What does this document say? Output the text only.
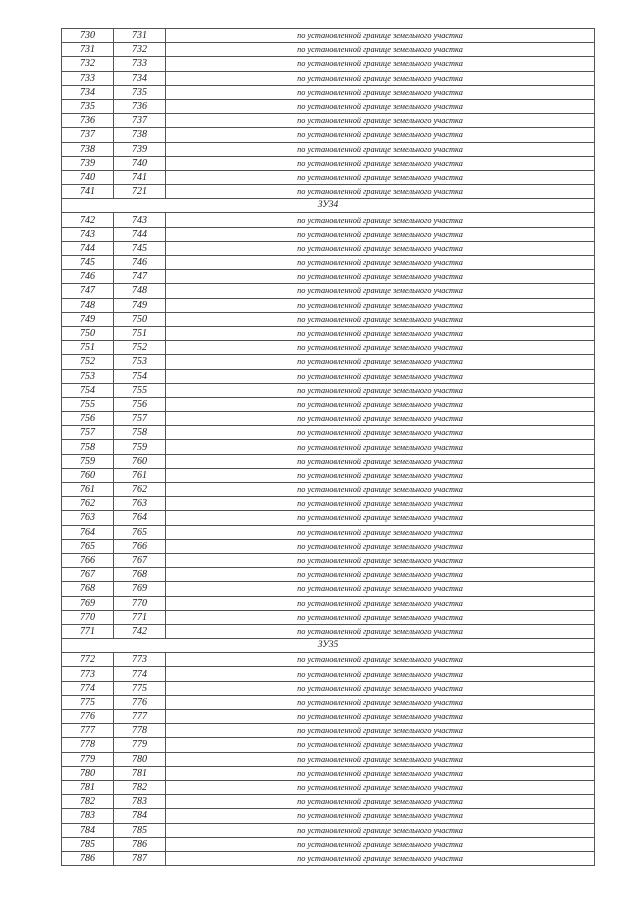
730	731	по установленной границе земельного участка
731	732	по установленной границе земельного участка
732	733	по установленной границе земельного участка
733	734	по установленной границе земельного участка
734	735	по установленной границе земельного участка
735	736	по установленной границе земельного участка
736	737	по установленной границе земельного участка
737	738	по установленной границе земельного участка
738	739	по установленной границе земельного участка
739	740	по установленной границе земельного участка
740	741	по установленной границе земельного участка
741	721	по установленной границе земельного участка
ЗУ34		
742	743	по установленной границе земельного участка
743	744	по установленной границе земельного участка
744	745	по установленной границе земельного участка
745	746	по установленной границе земельного участка
746	747	по установленной границе земельного участка
747	748	по установленной границе земельного участка
748	749	по установленной границе земельного участка
749	750	по установленной границе земельного участка
750	751	по установленной границе земельного участка
751	752	по установленной границе земельного участка
752	753	по установленной границе земельного участка
753	754	по установленной границе земельного участка
754	755	по установленной границе земельного участка
755	756	по установленной границе земельного участка
756	757	по установленной границе земельного участка
757	758	по установленной границе земельного участка
758	759	по установленной границе земельного участка
759	760	по установленной границе земельного участка
760	761	по установленной границе земельного участка
761	762	по установленной границе земельного участка
762	763	по установленной границе земельного участка
763	764	по установленной границе земельного участка
764	765	по установленной границе земельного участка
765	766	по установленной границе земельного участка
766	767	по установленной границе земельного участка
767	768	по установленной границе земельного участка
768	769	по установленной границе земельного участка
769	770	по установленной границе земельного участка
770	771	по установленной границе земельного участка
771	742	по установленной границе земельного участка
ЗУ35		
772	773	по установленной границе земельного участка
773	774	по установленной границе земельного участка
774	775	по установленной границе земельного участка
775	776	по установленной границе земельного участка
776	777	по установленной границе земельного участка
777	778	по установленной границе земельного участка
778	779	по установленной границе земельного участка
779	780	по установленной границе земельного участка
780	781	по установленной границе земельного участка
781	782	по установленной границе земельного участка
782	783	по установленной границе земельного участка
783	784	по установленной границе земельного участка
784	785	по установленной границе земельного участка
785	786	по установленной границе земельного участка
786	787	по установленной границе земельного участка
